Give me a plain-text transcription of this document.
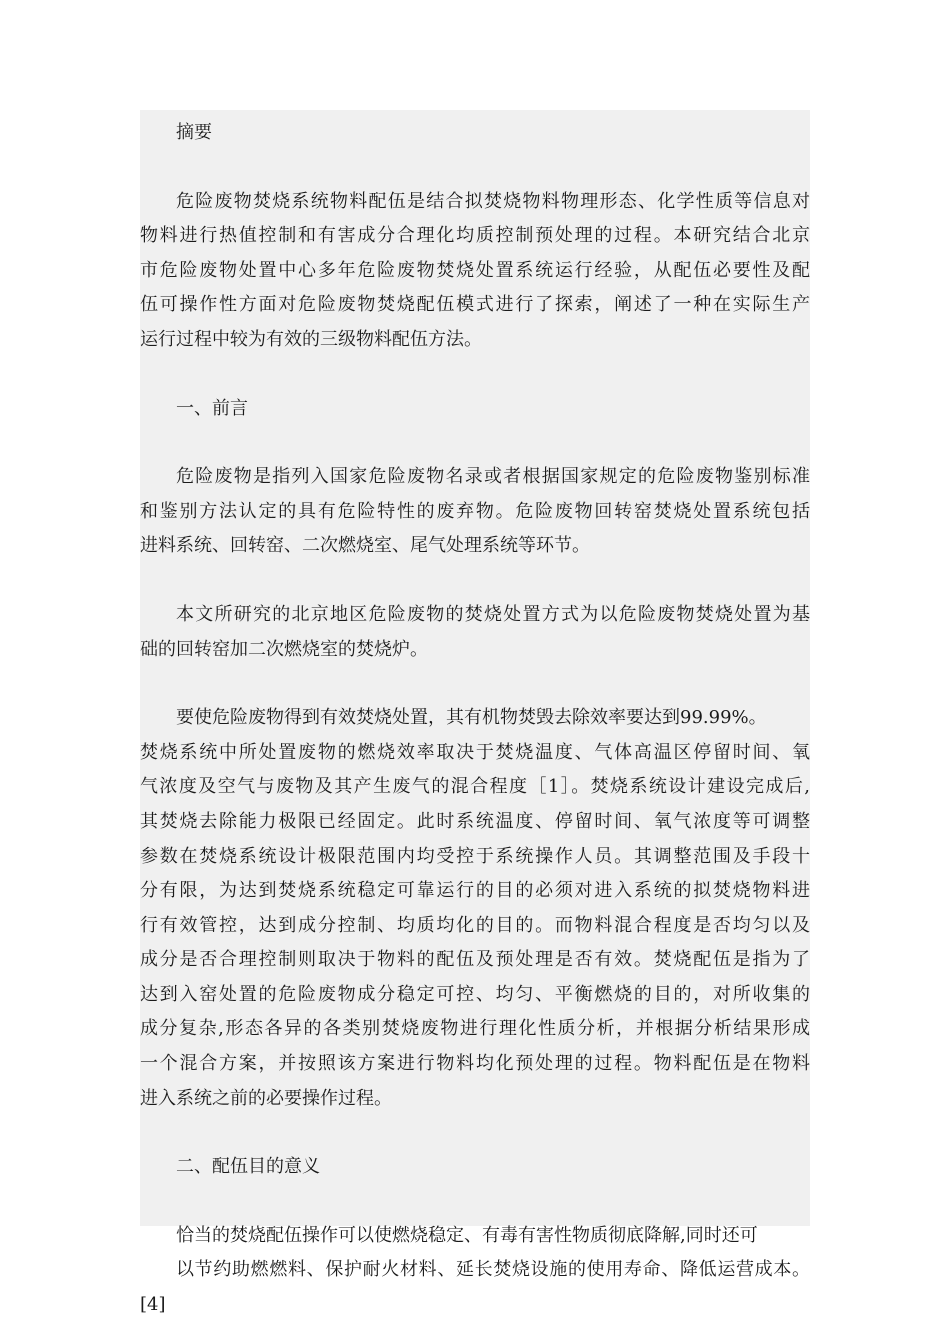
摘要
危险废物焚烧系统物料配伍是结合拟焚烧物料物理形态、化学性质等信息对
物料进行热值控制和有害成分合理化均质控制预处理的过程。本研究结合北京
市危险废物处置中心多年危险废物焚烧处置系统运行经验，从配伍必要性及配
伍可操作性方面对危险废物焚烧配伍模式进行了探索，阐述了一种在实际生产
运行过程中较为有效的三级物料配伍方法。
一、前言
危险废物是指列入国家危险废物名录或者根据国家规定的危险废物鉴别标准
和鉴别方法认定的具有危险特性的废弃物。危险废物回转窑焚烧处置系统包括
进料系统、回转窑、二次燃烧室、尾气处理系统等环节。
本文所研究的北京地区危险废物的焚烧处置方式为以危险废物焚烧处置为基
础的回转窑加二次燃烧室的焚烧炉。
要使危险废物得到有效焚烧处置，其有机物焚毁去除效率要达到99.99%。
焚烧系统中所处置废物的燃烧效率取决于焚烧温度、气体高温区停留时间、氧
气浓度及空气与废物及其产生废气的混合程度［1］。焚烧系统设计建设完成后,
其焚烧去除能力极限已经固定。此时系统温度、停留时间、氧气浓度等可调整
参数在焚烧系统设计极限范围内均受控于系统操作人员。其调整范围及手段十
分有限，为达到焚烧系统稳定可靠运行的目的必须对进入系统的拟焚烧物料进
行有效管控，达到成分控制、均质均化的目的。而物料混合程度是否均匀以及
成分是否合理控制则取决于物料的配伍及预处理是否有效。焚烧配伍是指为了
达到入窑处置的危险废物成分稳定可控、均匀、平衡燃烧的目的，对所收集的
成分复杂,形态各异的各类别焚烧废物进行理化性质分析，并根据分析结果形成
一个混合方案，并按照该方案进行物料均化预处理的过程。物料配伍是在物料
进入系统之前的必要操作过程。
二、配伍目的意义
恰当的焚烧配伍操作可以使燃烧稳定、有毒有害性物质彻底降解,同时还可
以节约助燃燃料、保护耐火材料、延长焚烧设施的使用寿命、降低运营成本。
[4]
